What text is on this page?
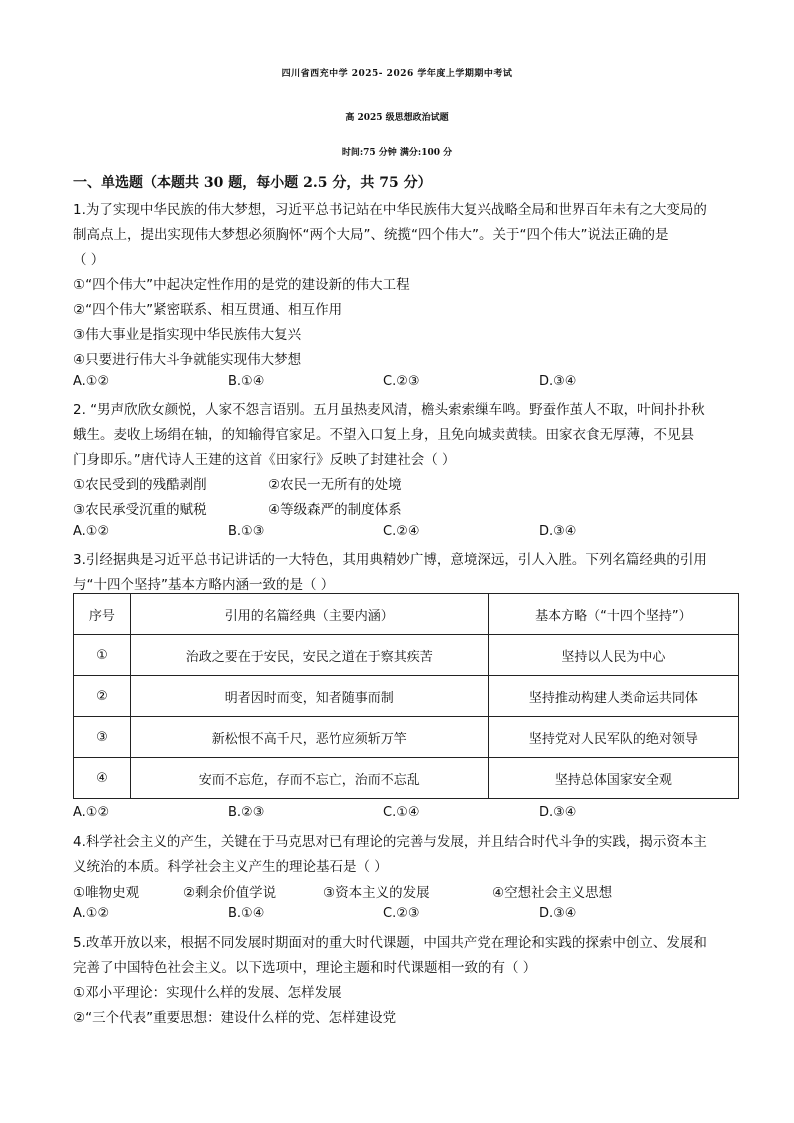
四川省西充中学 2025- 2026 学年度上学期期中考试
高 2025 级思想政治试题
时间:75 分钟 满分:100 分
一、单选题（本题共 30 题，每小题 2.5 分，共 75 分）
1.为了实现中华民族的伟大梦想，习近平总书记站在中华民族伟大复兴战略全局和世界百年未有之大变局的
制高点上，提出实现伟大梦想必须胸怀“两个大局”、统揽“四个伟大”。关于“四个伟大”说法正确的是
（ ）
①“四个伟大”中起决定性作用的是党的建设新的伟大工程
②“四个伟大”紧密联系、相互贯通、相互作用
③伟大事业是指实现中华民族伟大复兴
④只要进行伟大斗争就能实现伟大梦想
A.①②	B.①④	C.②③	D.③④
2. “男声欣欣女颜悦，人家不怨言语别。五月虽热麦风清，檐头索索缫车鸣。野蚕作茧人不取，叶间扑扑秋
蛾生。麦收上场绢在轴，的知输得官家足。不望入口复上身，且免向城卖黄犊。田家衣食无厚薄，不见县
门身即乐。”唐代诗人王建的这首《田家行》反映了封建社会（ ）
①农民受到的残酷剥削	②农民一无所有的处境
③农民承受沉重的赋税	④等级森严的制度体系
A.①②	B.①③	C.②④	D.③④
3.引经据典是习近平总书记讲话的一大特色，其用典精妙广博，意境深远，引人入胜。下列名篇经典的引用
与“十四个坚持”基本方略内涵一致的是（ ）
序号	引用的名篇经典（主要内涵）	基本方略（“十四个坚持”）
①	治政之要在于安民，安民之道在于察其疾苦	坚持以人民为中心
②	明者因时而变，知者随事而制	坚持推动构建人类命运共同体
③	新松恨不高千尺，恶竹应须斩万竿	坚持党对人民军队的绝对领导
④	安而不忘危，存而不忘亡，治而不忘乱	坚持总体国家安全观
A.①②	B.②③	C.①④	D.③④
4.科学社会主义的产生，关键在于马克思对已有理论的完善与发展，并且结合时代斗争的实践，揭示资本主
义统治的本质。科学社会主义产生的理论基石是（ ）
①唯物史观	②剩余价值学说	③资本主义的发展	④空想社会主义思想
A.①②	B.①④	C.②③	D.③④
5.改革开放以来，根据不同发展时期面对的重大时代课题，中国共产党在理论和实践的探索中创立、发展和
完善了中国特色社会主义。以下选项中，理论主题和时代课题相一致的有（ ）
①邓小平理论：实现什么样的发展、怎样发展
②“三个代表”重要思想：建设什么样的党、怎样建设党
